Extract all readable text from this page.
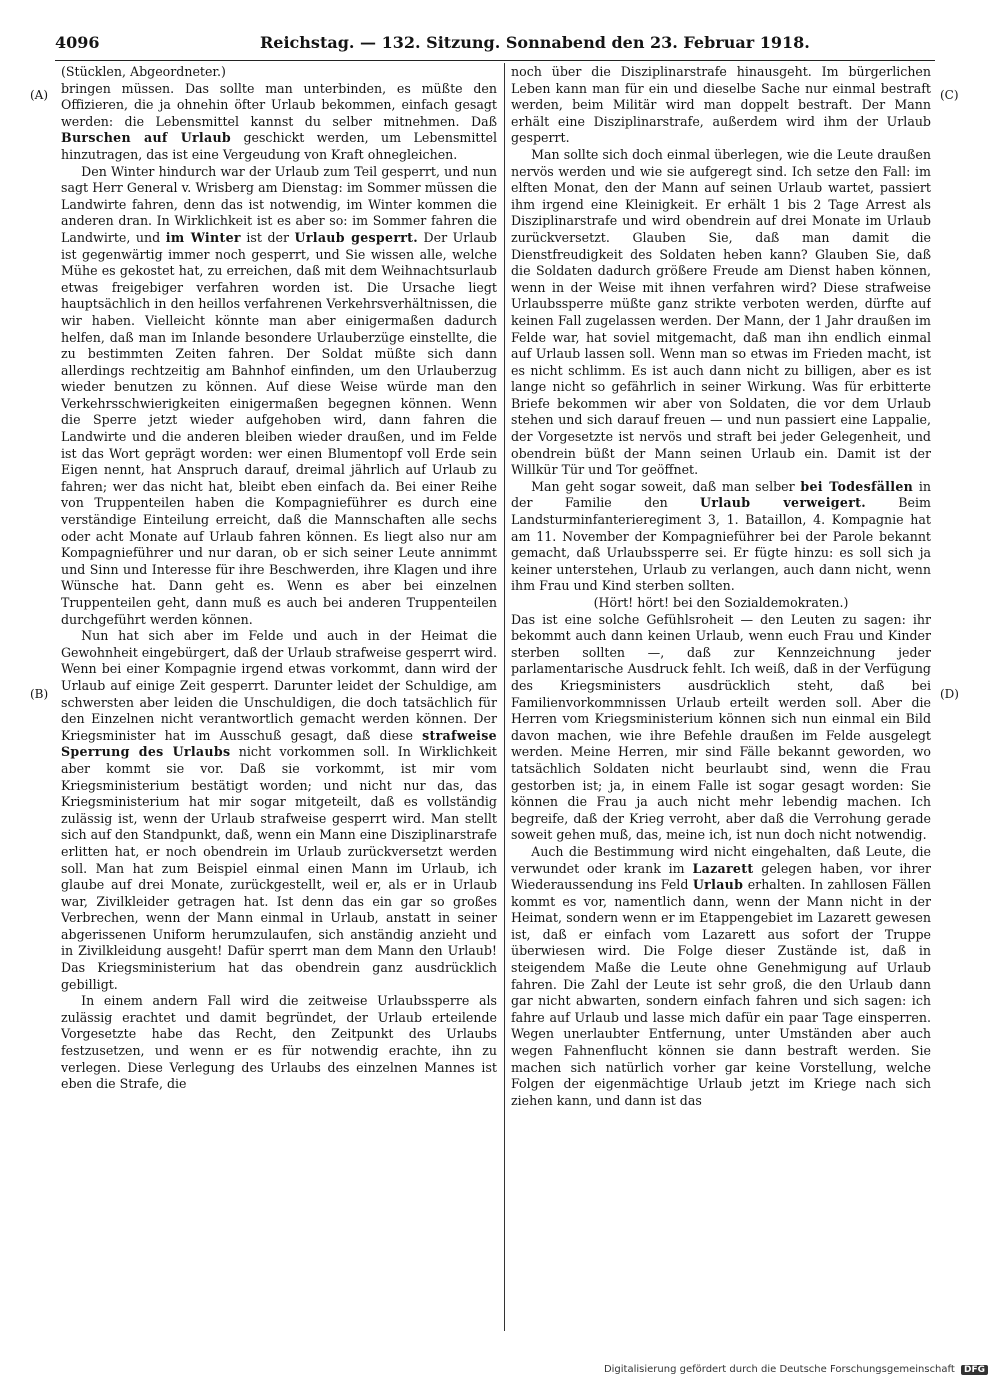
4096	Reichstag. — 132. Sitzung. Sonnabend den 23. Februar 1918.
(A)
(B)
(C)
(D)

(Stücklen, Abgeordneter.)

bringen müssen. Das sollte man unterbinden, es müßte den Offizieren, die ja ohnehin öfter Urlaub bekommen, einfach gesagt werden: die Lebensmittel kannst du selber mitnehmen. Daß Burschen auf Urlaub geschickt werden, um Lebensmittel hinzutragen, das ist eine Vergeudung von Kraft ohnegleichen.

Den Winter hindurch war der Urlaub zum Teil gesperrt, und nun sagt Herr General v. Wrisberg am Dienstag: im Sommer müssen die Landwirte fahren, denn das ist notwendig, im Winter kommen die anderen dran. In Wirklichkeit ist es aber so: im Sommer fahren die Landwirte, und im Winter ist der Urlaub gesperrt. Der Urlaub ist gegenwärtig immer noch gesperrt, und Sie wissen alle, welche Mühe es gekostet hat, zu erreichen, daß mit dem Weihnachtsurlaub etwas freigebiger verfahren worden ist. Die Ursache liegt hauptsächlich in den heillos verfahrenen Verkehrsverhältnissen, die wir haben. Vielleicht könnte man aber einigermaßen dadurch helfen, daß man im Inlande besondere Urlauberzüge einstellte, die zu bestimmten Zeiten fahren. Der Soldat müßte sich dann allerdings rechtzeitig am Bahnhof einfinden, um den Urlauberzug wieder benutzen zu können. Auf diese Weise würde man den Verkehrsschwierigkeiten einigermaßen begegnen können. Wenn die Sperre jetzt wieder aufgehoben wird, dann fahren die Landwirte und die anderen bleiben wieder draußen, und im Felde ist das Wort geprägt worden: wer einen Blumentopf voll Erde sein Eigen nennt, hat Anspruch darauf, dreimal jährlich auf Urlaub zu fahren; wer das nicht hat, bleibt eben einfach da. Bei einer Reihe von Truppenteilen haben die Kompagnieführer es durch eine verständige Einteilung erreicht, daß die Mannschaften alle sechs oder acht Monate auf Urlaub fahren können. Es liegt also nur am Kompagnieführer und nur daran, ob er sich seiner Leute annimmt und Sinn und Interesse für ihre Beschwerden, ihre Klagen und ihre Wünsche hat. Dann geht es. Wenn es aber bei einzelnen Truppenteilen geht, dann muß es auch bei anderen Truppenteilen durchgeführt werden können.

Nun hat sich aber im Felde und auch in der Heimat die Gewohnheit eingebürgert, daß der Urlaub strafweise gesperrt wird. Wenn bei einer Kompagnie irgend etwas vorkommt, dann wird der Urlaub auf einige Zeit gesperrt. Darunter leidet der Schuldige, am schwersten aber leiden die Unschuldigen, die doch tatsächlich für den Einzelnen nicht verantwortlich gemacht werden können. Der Kriegsminister hat im Ausschuß gesagt, daß diese strafweise Sperrung des Urlaubs nicht vorkommen soll. In Wirklichkeit aber kommt sie vor. Daß sie vorkommt, ist mir vom Kriegsministerium bestätigt worden; und nicht nur das, das Kriegsministerium hat mir sogar mitgeteilt, daß es vollständig zulässig ist, wenn der Urlaub strafweise gesperrt wird. Man stellt sich auf den Standpunkt, daß, wenn ein Mann eine Disziplinarstrafe erlitten hat, er noch obendrein im Urlaub zurückversetzt werden soll. Man hat zum Beispiel einmal einen Mann im Urlaub, ich glaube auf drei Monate, zurückgestellt, weil er, als er in Urlaub war, Zivilkleider getragen hat. Ist denn das ein gar so großes Verbrechen, wenn der Mann einmal in Urlaub, anstatt in seiner abgerissenen Uniform herumzulaufen, sich anständig anzieht und in Zivilkleidung ausgeht! Dafür sperrt man dem Mann den Urlaub! Das Kriegsministerium hat das obendrein ganz ausdrücklich gebilligt.

In einem andern Fall wird die zeitweise Urlaubssperre als zulässig erachtet und damit begründet, der Urlaub erteilende Vorgesetzte habe das Recht, den Zeitpunkt des Urlaubs festzusetzen, und wenn er es für notwendig erachte, ihn zu verlegen. Diese Verlegung des Urlaubs des einzelnen Mannes ist eben die Strafe, die

noch über die Disziplinarstrafe hinausgeht. Im bürgerlichen Leben kann man für ein und dieselbe Sache nur einmal bestraft werden, beim Militär wird man doppelt bestraft. Der Mann erhält eine Disziplinarstrafe, außerdem wird ihm der Urlaub gesperrt.

Man sollte sich doch einmal überlegen, wie die Leute draußen nervös werden und wie sie aufgeregt sind. Ich setze den Fall: im elften Monat, den der Mann auf seinen Urlaub wartet, passiert ihm irgend eine Kleinigkeit. Er erhält 1 bis 2 Tage Arrest als Disziplinarstrafe und wird obendrein auf drei Monate im Urlaub zurückversetzt. Glauben Sie, daß man damit die Dienstfreudigkeit des Soldaten heben kann? Glauben Sie, daß die Soldaten dadurch größere Freude am Dienst haben können, wenn in der Weise mit ihnen verfahren wird? Diese strafweise Urlaubssperre müßte ganz strikte verboten werden, dürfte auf keinen Fall zugelassen werden. Der Mann, der 1 Jahr draußen im Felde war, hat soviel mitgemacht, daß man ihn endlich einmal auf Urlaub lassen soll. Wenn man so etwas im Frieden macht, ist es nicht schlimm. Es ist auch dann nicht zu billigen, aber es ist lange nicht so gefährlich in seiner Wirkung. Was für erbitterte Briefe bekommen wir aber von Soldaten, die vor dem Urlaub stehen und sich darauf freuen — und nun passiert eine Lappalie, der Vorgesetzte ist nervös und straft bei jeder Gelegenheit, und obendrein büßt der Mann seinen Urlaub ein. Damit ist der Willkür Tür und Tor geöffnet.

Man geht sogar soweit, daß man selber bei Todesfällen in der Familie den	Urlaub verweigert.	Beim Landsturminfanterieregiment 3, 1. Bataillon, 4. Kompagnie hat am 11. November der Kompagnieführer bei der Parole bekannt gemacht, daß Urlaubssperre sei. Er fügte hinzu: es soll sich ja keiner unterstehen, Urlaub zu verlangen, auch dann nicht, wenn ihm Frau und Kind sterben sollten.

(Hört! hört! bei den Sozialdemokraten.)

Das ist eine solche Gefühlsroheit — den Leuten zu sagen: ihr bekommt auch dann keinen Urlaub, wenn euch Frau und Kinder sterben sollten —, daß zur Kennzeichnung jeder parlamentarische Ausdruck fehlt. Ich weiß, daß in der Verfügung des Kriegsministers ausdrücklich steht, daß bei Familienvorkommnissen Urlaub erteilt werden soll. Aber die Herren vom Kriegsministerium können sich nun einmal ein Bild davon machen, wie ihre Befehle draußen im Felde ausgelegt werden. Meine Herren, mir sind Fälle bekannt geworden, wo tatsächlich Soldaten nicht beurlaubt sind, wenn die Frau gestorben ist; ja, in einem Falle ist sogar gesagt worden: Sie können die Frau ja auch nicht mehr lebendig machen. Ich begreife, daß der Krieg verroht, aber daß die Verrohung gerade soweit gehen muß, das, meine ich, ist nun doch nicht notwendig.

Auch die Bestimmung wird nicht eingehalten, daß Leute, die verwundet oder krank im Lazarett gelegen haben, vor ihrer Wiederaussendung ins Feld Urlaub erhalten. In zahllosen Fällen kommt es vor, namentlich dann, wenn der Mann nicht in der Heimat, sondern wenn er im Etappengebiet im Lazarett gewesen ist, daß er einfach vom Lazarett aus sofort der Truppe überwiesen wird. Die Folge dieser Zustände ist, daß in steigendem Maße die Leute ohne Genehmigung auf Urlaub fahren. Die Zahl der Leute ist sehr groß, die den Urlaub dann gar nicht abwarten, sondern einfach fahren und sich sagen: ich fahre auf Urlaub und lasse mich dafür ein paar Tage einsperren. Wegen unerlaubter Entfernung, unter Umständen aber auch wegen Fahnenflucht können sie dann bestraft werden. Sie machen sich natürlich vorher gar keine Vorstellung, welche Folgen der eigenmächtige Urlaub jetzt im Kriege nach sich ziehen kann, und dann ist das

Digitalisierung gefördert durch die Deutsche Forschungsgemeinschaft DFG
